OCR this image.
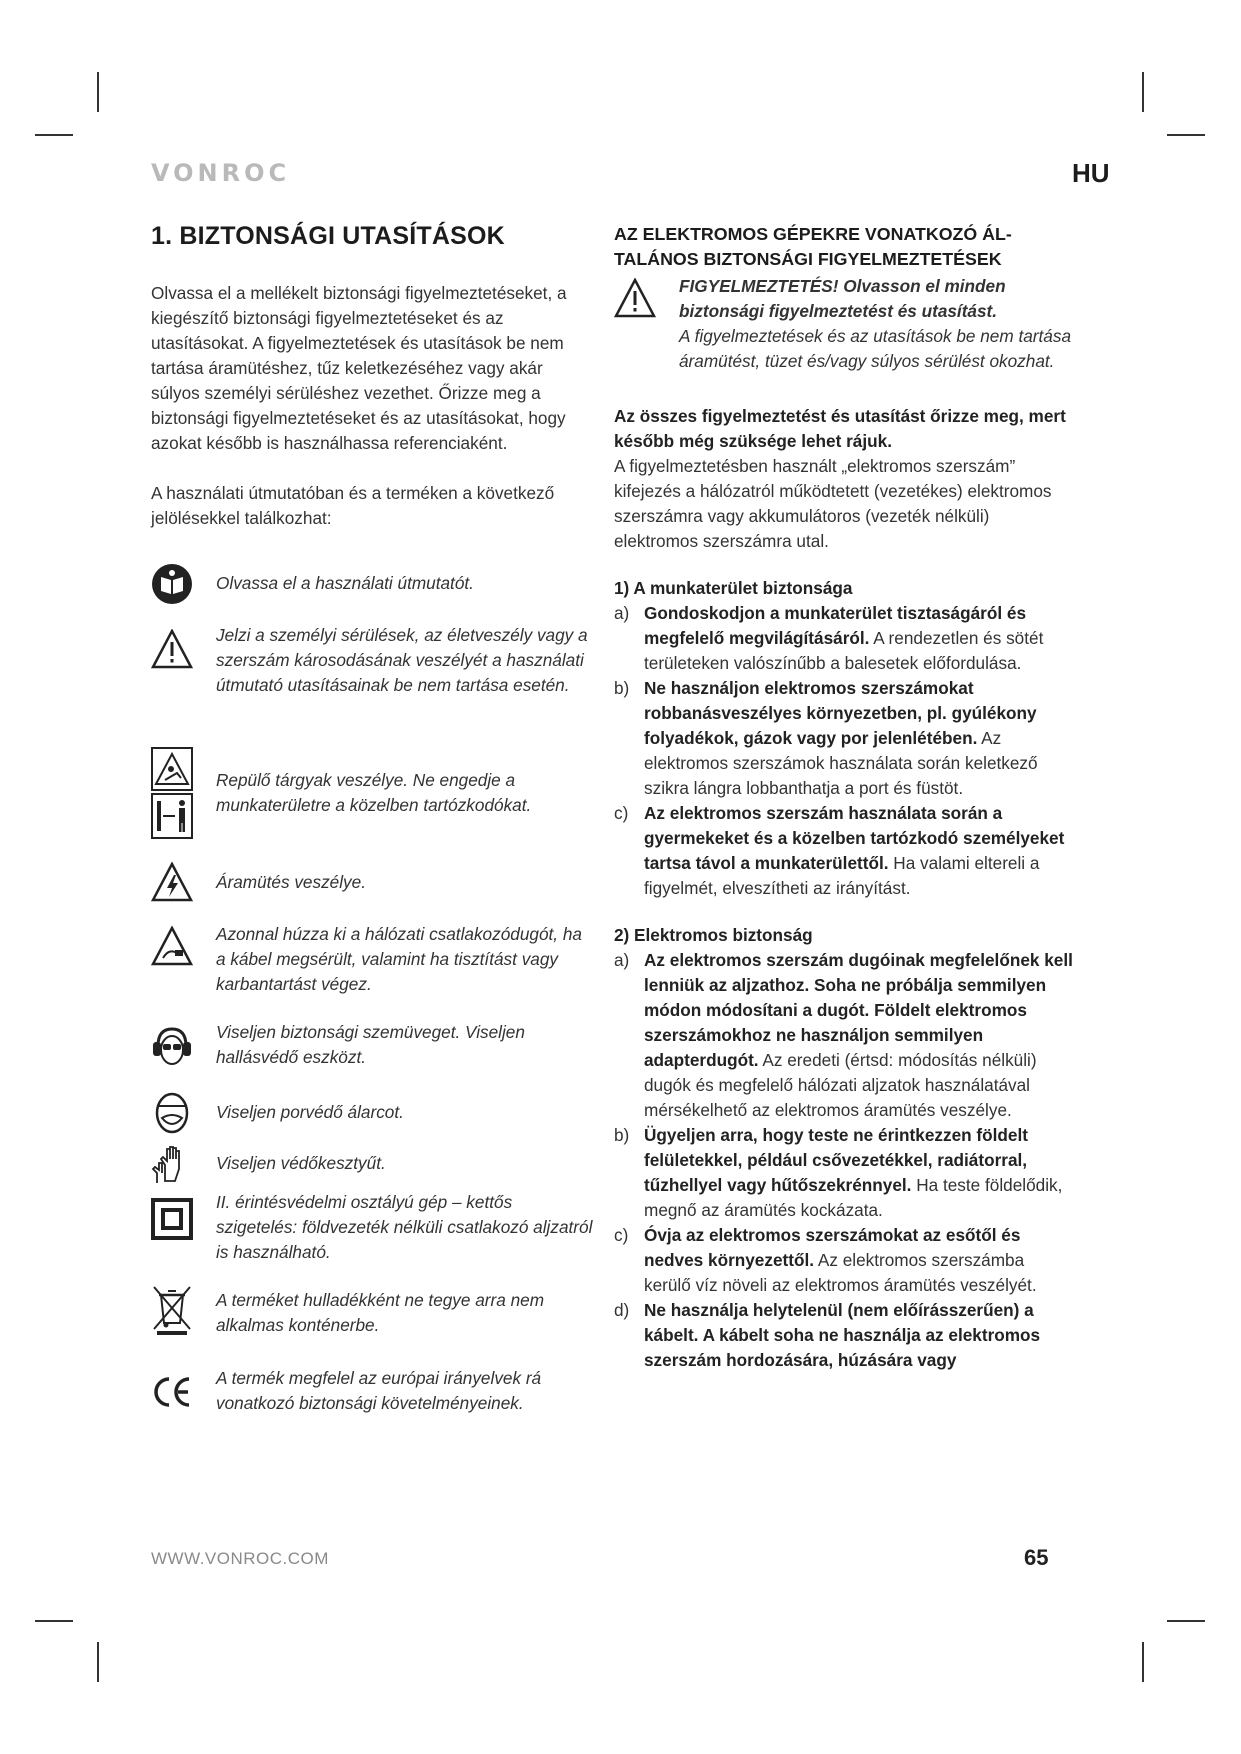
VONROC	HU
1. BIZTONSÁGI UTASÍTÁSOK
Olvassa el a mellékelt biztonsági figyelmeztetéseket, a kiegészítő biztonsági figyelmeztetéseket és az utasításokat. A figyelmeztetések és utasítások be nem tartása áramütéshez, tűz keletkezéséhez vagy akár súlyos személyi sérüléshez vezethet. Őrizze meg a biztonsági figyelmeztetéseket és az utasításokat, hogy azokat később is használhassa referenciaként.
A használati útmutatóban és a terméken a következő jelölésekkel találkozhat:
Olvassa el a használati útmutatót.
Jelzi a személyi sérülések, az életveszély vagy a szerszám károsodásának veszélyét a használati útmutató utasításainak be nem tartása esetén.
Repülő tárgyak veszélye. Ne engedje a munkaterületre a közelben tartózkodókat.
Áramütés veszélye.
Azonnal húzza ki a hálózati csatlakozódugót, ha a kábel megsérült, valamint ha tisztítást vagy karbantartást végez.
Viseljen biztonsági szemüveget. Viseljen hallásvédő eszközt.
Viseljen porvédő álarcot.
Viseljen védőkesztyűt.
II. érintésvédelmi osztályú gép – kettős szigetelés: földvezeték nélküli csatlakozó aljzatról is használható.
A terméket hulladékként ne tegye arra nem alkalmas konténerbe.
A termék megfelel az európai irányelvek rá vonatkozó biztonsági követelményeinek.
AZ ELEKTROMOS GÉPEKRE VONATKOZÓ ÁL-
TALÁNOS BIZTONSÁGI FIGYELMEZTETÉSEK
FIGYELMEZTETÉS! Olvasson el minden biztonsági figyelmeztetést és utasítást.
A figyelmeztetések és az utasítások be nem tartása áramütést, tüzet és/vagy súlyos sérülést okozhat.
Az összes figyelmeztetést és utasítást őrizze meg, mert később még szüksége lehet rájuk.
A figyelmeztetésben használt „elektromos szerszám” kifejezés a hálózatról működtetett (vezetékes) elektromos szerszámra vagy akkumulátoros (vezeték nélküli) elektromos szerszámra utal.
1) A munkaterület biztonsága
a) Gondoskodjon a munkaterület tisztaságáról és megfelelő megvilágításáról. A rendezetlen és sötét területeken valószínűbb a balesetek előfordulása.
b) Ne használjon elektromos szerszámokat robbanásveszélyes környezetben, pl. gyúlékony folyadékok, gázok vagy por jelenlétében. Az elektromos szerszámok használata során keletkező szikra lángra lobbanthatja a port és füstöt.
c) Az elektromos szerszám használata során a gyermekeket és a közelben tartózkodó személyeket tartsa távol a munkaterülettől. Ha valami eltereli a figyelmét, elveszítheti az irányítást.
2) Elektromos biztonság
a) Az elektromos szerszám dugóinak megfelelőnek kell lenniük az aljzathoz. Soha ne próbálja semmilyen módon módosítani a dugót. Földelt elektromos szerszámokhoz ne használjon semmilyen adapterdugót. Az eredeti (értsd: módosítás nélküli) dugók és megfelelő hálózati aljzatok használatával mérsékelhető az elektromos áramütés veszélye.
b) Ügyeljen arra, hogy teste ne érintkezzen földelt felületekkel, például csővezetékkel, radiátorral, tűzhellyel vagy hűtőszekrénnyel. Ha teste földelődik, megnő az áramütés kockázata.
c) Óvja az elektromos szerszámokat az esőtől és nedves környezettől. Az elektromos szerszámba kerülő víz növeli az elektromos áramütés veszélyét.
d) Ne használja helytelenül (nem előírásszerűen) a kábelt. A kábelt soha ne használja az elektromos szerszám hordozására, húzására vagy
WWW.VONROC.COM	65
